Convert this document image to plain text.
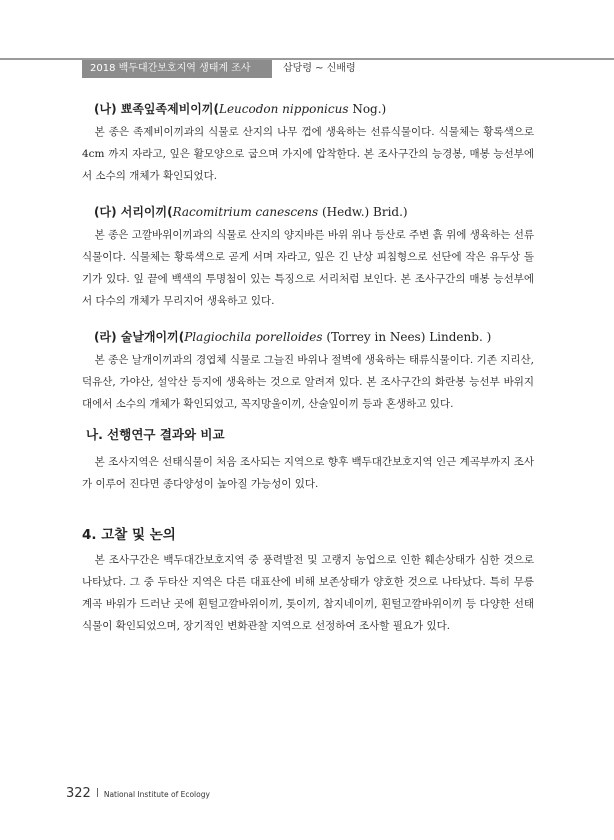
2018 백두대간보호지역 생태계 조사	삽당령 ~ 신배령
(나) 뾰족잎족제비이끼(Leucodon nipponicus Nog.)

본 종은 족제비이끼과의 식물로 산지의 나무 껍에 생육하는 선류식물이다. 식물체는 황록색으로 4cm 까지 자라고, 잎은 활모양으로 굽으며 가지에 압착한다. 본 조사구간의 능경봉, 매봉 능선부에서 소수의 개체가 확인되었다.

(다) 서리이끼(Racomitrium canescens (Hedw.) Brid.)

본 종은 고깔바위이끼과의 식물로 산지의 양지바른 바위 위나 등산로 주변 흙 위에 생육하는 선류식물이다. 식물체는 황록색으로 곧게 서며 자라고, 잎은 긴 난상 피침형으로 선단에 작은 유두상 돌기가 있다. 잎 끝에 백색의 투명첨이 있는 특징으로 서리처럼 보인다. 본 조사구간의 매봉 능선부에서 다수의 개체가 무리지어 생육하고 있다.

(라) 술날개이끼(Plagiochila porelloides (Torrey in Nees) Lindenb. )

본 종은 날개이끼과의 경엽체 식물로 그늘진 바위나 절벽에 생육하는 태류식물이다. 기존 지리산, 덕유산, 가야산, 설악산 등지에 생육하는 것으로 알려져 있다. 본 조사구간의 화란봉 능선부 바위지대에서 소수의 개체가 확인되었고, 꼭지망울이끼, 산술잎이끼 등과 혼생하고 있다.

나. 선행연구 결과와 비교

본 조사지역은 선태식물이 처음 조사되는 지역으로 향후 백두대간보호지역 인근 계곡부까지 조사가 이루어 진다면 종다양성이 높아질 가능성이 있다.

4. 고찰 및 논의

본 조사구간은 백두대간보호지역 중 풍력발전 및 고랭지 농업으로 인한 훼손상태가 심한 것으로 나타났다. 그 중 두타산 지역은 다른 대표산에 비해 보존상태가 양호한 것으로 나타났다. 특히 무릉계곡 바위가 드러난 곳에 흰털고깔바위이끼, 톳이끼, 참지네이끼, 흰털고깔바위이끼 등 다양한 선태식물이 확인되었으며, 장기적인 변화관찰 지역으로 선정하여 조사할 필요가 있다.

322 National Institute of Ecology
